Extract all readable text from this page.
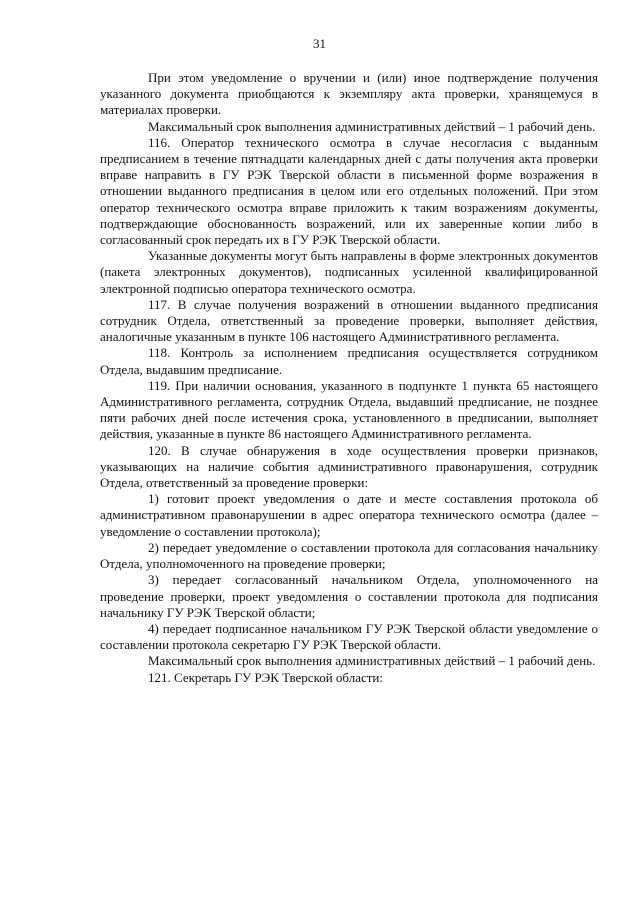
31

При этом уведомление о вручении и (или) иное подтверждение получения указанного документа приобщаются к экземпляру акта проверки, хранящемуся в материалах проверки.

Максимальный срок выполнения административных действий – 1 рабочий день.

116. Оператор технического осмотра в случае несогласия с выданным предписанием в течение пятнадцати календарных дней с даты получения акта проверки вправе направить в ГУ РЭК Тверской области в письменной форме возражения в отношении выданного предписания в целом или его отдельных положений. При этом оператор технического осмотра вправе приложить к таким возражениям документы, подтверждающие обоснованность возражений, или их заверенные копии либо в согласованный срок передать их в ГУ РЭК Тверской области.

Указанные документы могут быть направлены в форме электронных документов (пакета электронных документов), подписанных усиленной квалифицированной электронной подписью оператора технического осмотра.

117. В случае получения возражений в отношении выданного предписания сотрудник Отдела, ответственный за проведение проверки, выполняет действия, аналогичные указанным в пункте 106 настоящего Административного регламента.

118. Контроль за исполнением предписания осуществляется сотрудником Отдела, выдавшим предписание.

119. При наличии основания, указанного в подпункте 1 пункта 65 настоящего Административного регламента, сотрудник Отдела, выдавший предписание, не позднее пяти рабочих дней после истечения срока, установленного в предписании, выполняет действия, указанные в пункте 86 настоящего Административного регламента.

120. В случае обнаружения в ходе осуществления проверки признаков, указывающих на наличие события административного правонарушения, сотрудник Отдела, ответственный за проведение проверки:

1) готовит проект уведомления о дате и месте составления протокола об административном правонарушении в адрес оператора технического осмотра (далее – уведомление о составлении протокола);

2) передает уведомление о составлении протокола для согласования начальнику Отдела, уполномоченного на проведение проверки;

3) передает согласованный начальником Отдела, уполномоченного на проведение проверки, проект уведомления о составлении протокола для подписания начальнику ГУ РЭК Тверской области;

4) передает подписанное начальником ГУ РЭК Тверской области уведомление о составлении протокола секретарю ГУ РЭК Тверской области.

Максимальный срок выполнения административных действий – 1 рабочий день.

121. Секретарь ГУ РЭК Тверской области:
